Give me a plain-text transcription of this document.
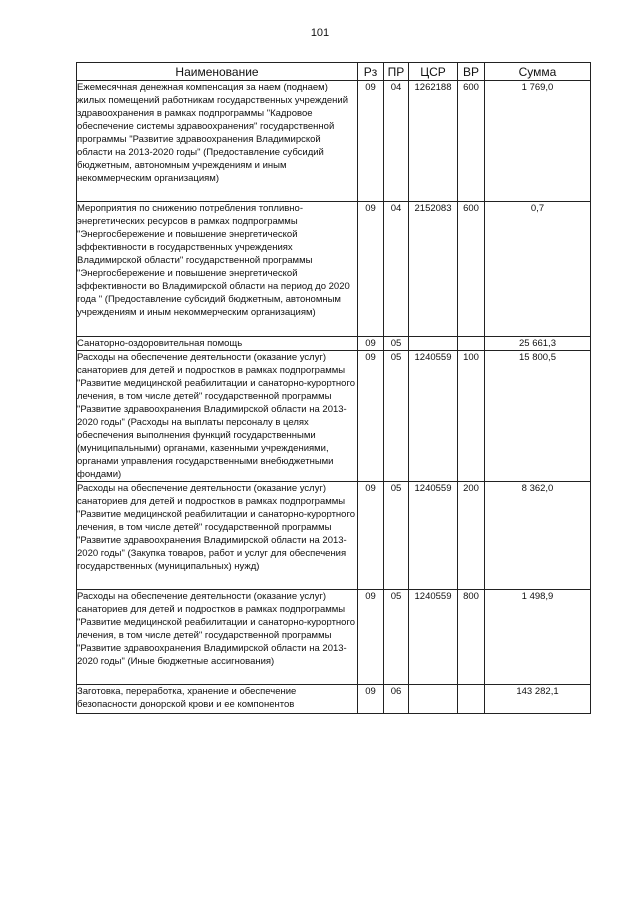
101
Наименование	Рз	ПР	ЦСР	ВР	Сумма
Ежемесячная денежная компенсация за наем (поднаем) жилых помещений работникам государственных учреждений здравоохранения в рамках подпрограммы "Кадровое обеспечение системы здравоохранения" государственной программы "Развитие здравоохранения Владимирской области на 2013-2020 годы" (Предоставление субсидий бюджетным, автономным учреждениям и иным некоммерческим организациям)	09	04	1262188	600	1 769,0
Мероприятия по снижению потребления топливно-энергетических ресурсов в рамках подпрограммы "Энергосбережение и повышение энергетической эффективности в государственных учреждениях Владимирской области" государственной программы "Энергосбережение и повышение энергетической эффективности во Владимирской области на период до 2020 года " (Предоставление субсидий бюджетным, автономным учреждениям и иным некоммерческим организациям)	09	04	2152083	600	0,7
Санаторно-оздоровительная помощь	09	05			25 661,3
Расходы на обеспечение деятельности (оказание услуг) санаториев для детей и подростков в рамках подпрограммы "Развитие медицинской реабилитации и санаторно-курортного лечения, в том числе детей" государственной программы "Развитие здравоохранения Владимирской области на 2013-2020 годы" (Расходы на выплаты персоналу в целях обеспечения выполнения функций государственными (муниципальными) органами, казенными учреждениями, органами управления государственными внебюджетными фондами)	09	05	1240559	100	15 800,5
Расходы на обеспечение деятельности (оказание услуг) санаториев для детей и подростков в рамках подпрограммы "Развитие медицинской реабилитации и санаторно-курортного лечения, в том числе детей" государственной программы "Развитие здравоохранения Владимирской области на 2013-2020 годы" (Закупка товаров, работ и услуг для обеспечения государственных (муниципальных) нужд)	09	05	1240559	200	8 362,0
Расходы на обеспечение деятельности (оказание услуг) санаториев для детей и подростков в рамках подпрограммы "Развитие медицинской реабилитации и санаторно-курортного лечения, в том числе детей" государственной программы "Развитие здравоохранения Владимирской области на 2013-2020 годы" (Иные бюджетные ассигнования)	09	05	1240559	800	1 498,9
Заготовка, переработка, хранение и обеспечение безопасности донорской крови и ее компонентов	09	06			143 282,1
